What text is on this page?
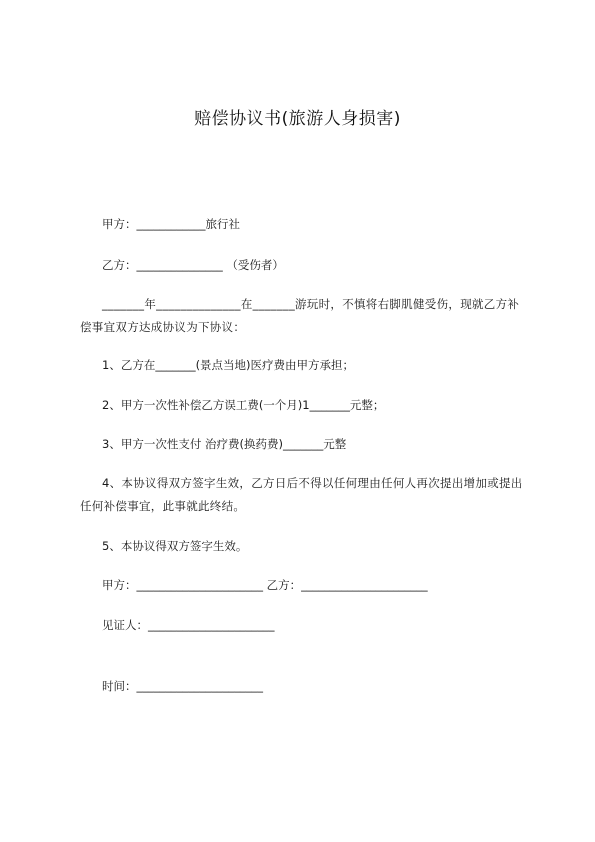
赔偿协议书(旅游人身损害)
甲方：____________旅行社
乙方：_______________ （受伤者）
_______年______________在_______游玩时，不慎将右脚肌健受伤，现就乙方补偿事宜双方达成协议为下协议：
1、乙方在_______(景点当地)医疗费由甲方承担；
2、甲方一次性补偿乙方误工费(一个月)1_______元整；
3、甲方一次性支付 治疗费(换药费)_______元整
4、本协议得双方签字生效，乙方日后不得以任何理由任何人再次提出增加或提出任何补偿事宜，此事就此终结。
5、本协议得双方签字生效。
甲方：______________________ 乙方：______________________
见证人：______________________
时间：______________________
